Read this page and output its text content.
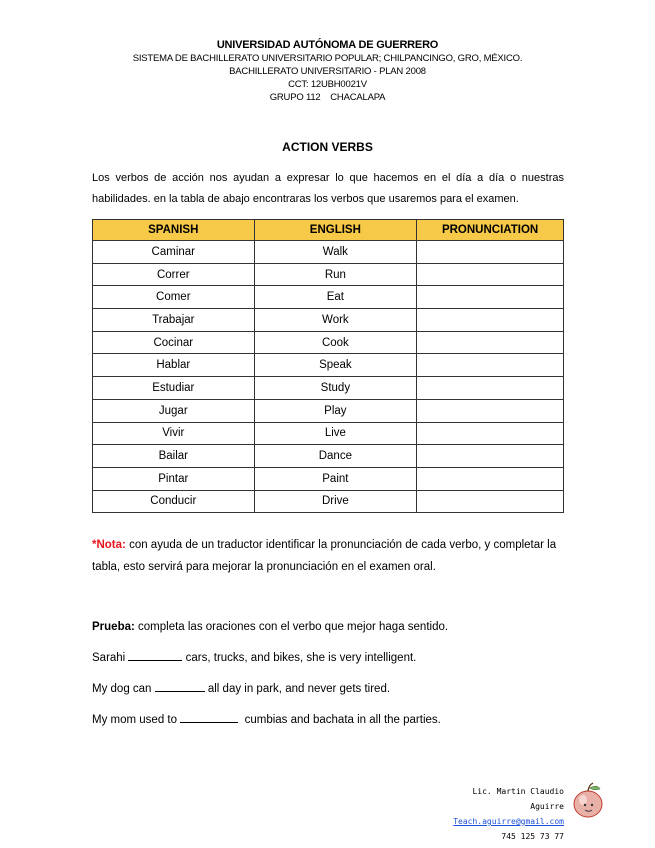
UNIVERSIDAD AUTÓNOMA DE GUERRERO
SISTEMA DE BACHILLERATO UNIVERSITARIO POPULAR; CHILPANCINGO, GRO, MÉXICO.
BACHILLERATO UNIVERSITARIO - PLAN 2008
CCT: 12UBH0021V
GRUPO 112    CHACALAPA
ACTION VERBS
Los verbos de acción nos ayudan a expresar lo que hacemos en el día a día o nuestras habilidades. en la tabla de abajo encontraras los verbos que usaremos para el examen.
SPANISH	ENGLISH	PRONUNCIATION
Caminar	Walk	
Correr	Run	
Comer	Eat	
Trabajar	Work	
Cocinar	Cook	
Hablar	Speak	
Estudiar	Study	
Jugar	Play	
Vivir	Live	
Bailar	Dance	
Pintar	Paint	
Conducir	Drive	
*Nota: con ayuda de un traductor identificar la pronunciación de cada verbo, y completar la tabla, esto servirá para mejorar la pronunciación en el examen oral.

Prueba: completa las oraciones con el verbo que mejor haga sentido.

Sarahi	cars, trucks, and bikes, she is very intelligent.

My dog can	all day in park, and never gets tired.

My mom used to	cumbias and bachata in all the parties.

Lic. Martin Claudio Aguirre
Teach.aguirre@gmail.com
745 125 73 77
